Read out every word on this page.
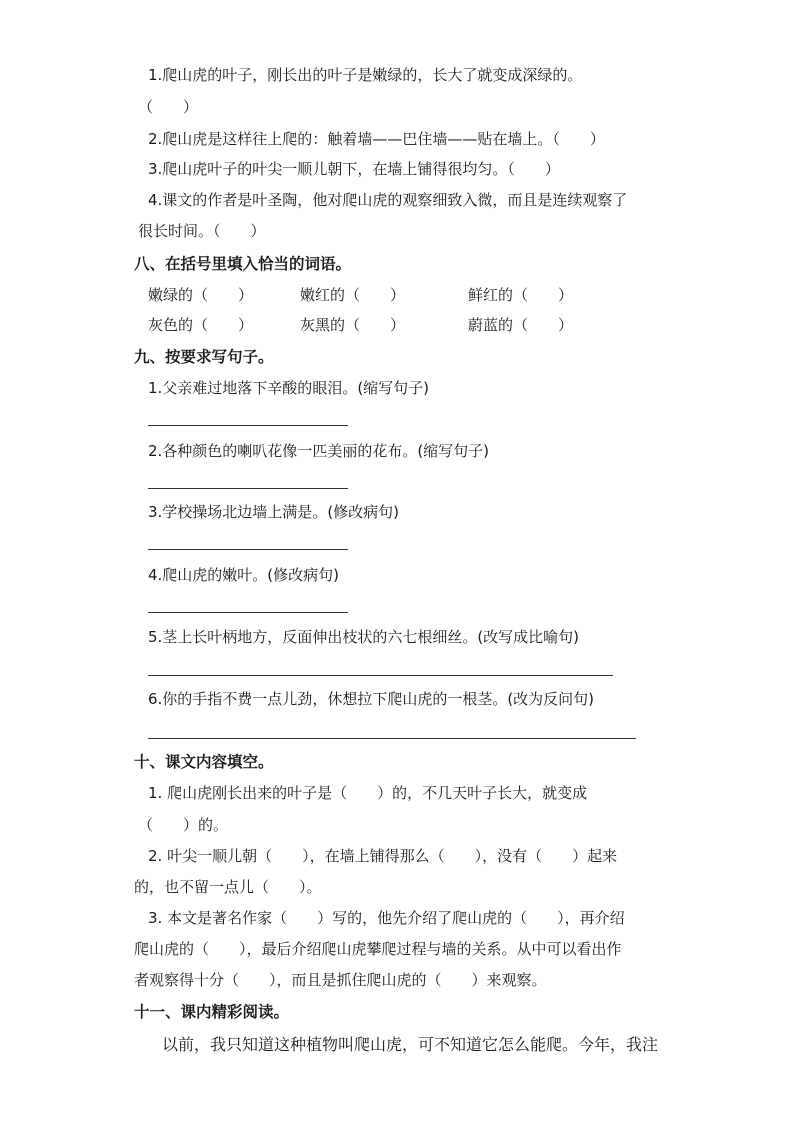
1.爬山虎的叶子，刚长出的叶子是嫩绿的，长大了就变成深绿的。
（　　）
2.爬山虎是这样往上爬的：触着墙——巴住墙——贴在墙上。（　　）
3.爬山虎叶子的叶尖一顺儿朝下，在墙上铺得很均匀。（　　）
4.课文的作者是叶圣陶，他对爬山虎的观察细致入微，而且是连续观察了
很长时间。（　　）
八、在括号里填入恰当的词语。
嫩绿的（　　）	嫩红的（　　）	鲜红的（　　）
灰色的（　　）	灰黑的（　　）	蔚蓝的（　　）
九、按要求写句子。
1.父亲难过地落下辛酸的眼泪。(缩写句子)
2.各种颜色的喇叭花像一匹美丽的花布。(缩写句子)
3.学校操场北边墙上满是。(修改病句)
4.爬山虎的嫩叶。(修改病句)
5.茎上长叶柄地方，反面伸出枝状的六七根细丝。(改写成比喻句)
6.你的手指不费一点儿劲，休想拉下爬山虎的一根茎。(改为反问句)
十、课文内容填空。
1. 爬山虎刚长出来的叶子是（　　）的，不几天叶子长大，就变成
（　　）的。
2. 叶尖一顺儿朝（　　），在墙上铺得那么（　　），没有（　　）起来
的，也不留一点儿（　　）。
3. 本文是著名作家（　　）写的，他先介绍了爬山虎的（　　），再介绍
爬山虎的（　　），最后介绍爬山虎攀爬过程与墙的关系。从中可以看出作
者观察得十分（　　），而且是抓住爬山虎的（　　）来观察。
十一、课内精彩阅读。
以前，我只知道这种植物叫爬山虎，可不知道它怎么能爬。今年，我注
